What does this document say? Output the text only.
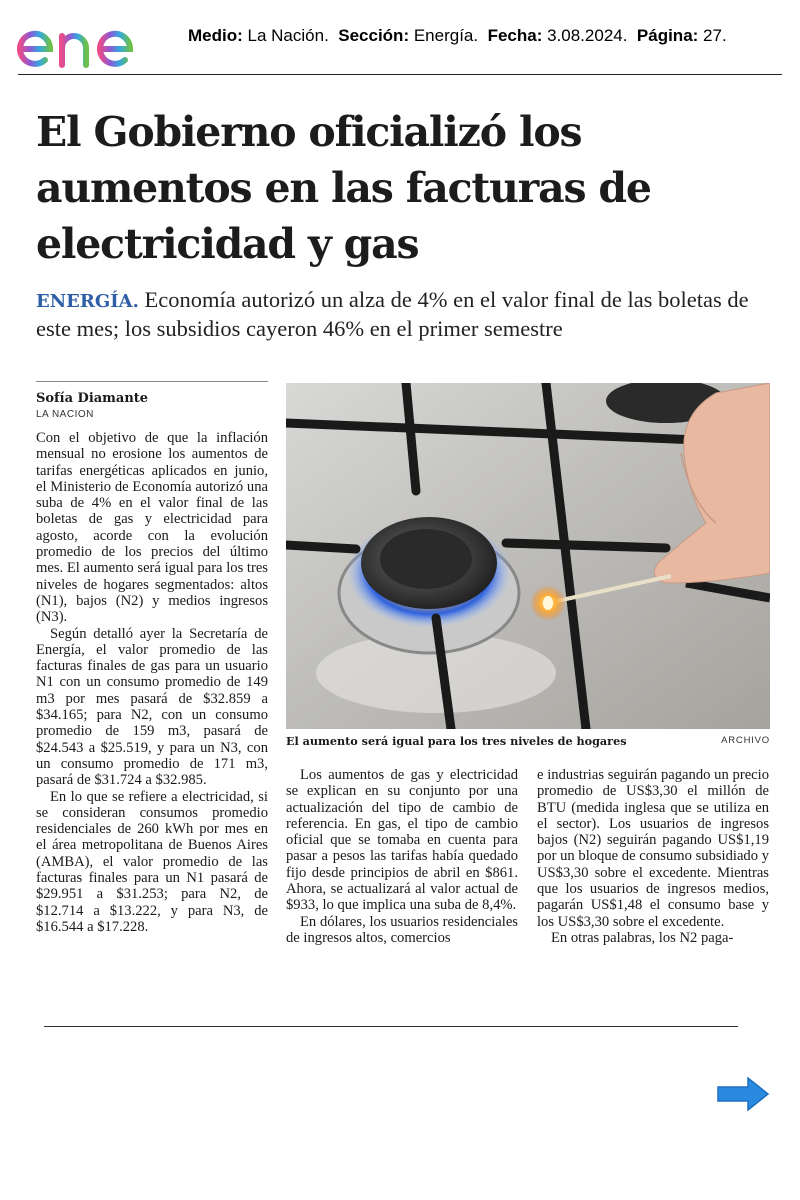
Medio: La Nación. Sección: Energía. Fecha: 3.08.2024. Página: 27.
El Gobierno oficializó los aumentos en las facturas de electricidad y gas
ENERGÍA. Economía autorizó un alza de 4% en el valor final de las boletas de este mes; los subsidios cayeron 46% en el primer semestre
Sofía Diamante
LA NACION

Con el objetivo de que la inflación mensual no erosione los aumentos de tarifas energéticas aplicados en junio, el Ministerio de Economía autorizó una suba de 4% en el valor final de las boletas de gas y electricidad para agosto, acorde con la evolución promedio de los precios del último mes. El aumento será igual para los tres niveles de hogares segmentados: altos (N1), bajos (N2) y medios ingresos (N3).

Según detalló ayer la Secretaría de Energía, el valor promedio de las facturas finales de gas para un usuario N1 con un consumo promedio de 149 m3 por mes pasará de $32.859 a $34.165; para N2, con un consumo promedio de 159 m3, pasará de $24.543 a $25.519, y para un N3, con un consumo promedio de 171 m3, pasará de $31.724 a $32.985.

En lo que se refiere a electricidad, si se consideran consumos promedio residenciales de 260 kWh por mes en el área metropolitana de Buenos Aires (AMBA), el valor promedio de las facturas finales para un N1 pasará de $29.951 a $31.253; para N2, de $12.714 a $13.222, y para N3, de $16.544 a $17.228.

El aumento será igual para los tres niveles de hogares	ARCHIVO

Los aumentos de gas y electricidad se explican en su conjunto por una actualización del tipo de cambio de referencia. En gas, el tipo de cambio oficial que se tomaba en cuenta para pasar a pesos las tarifas había quedado fijo desde principios de abril en $861. Ahora, se actualizará al valor actual de $933, lo que implica una suba de 8,4%.

En dólares, los usuarios residenciales de ingresos altos, comercios

e industrias seguirán pagando un precio promedio de US$3,30 el millón de BTU (medida inglesa que se utiliza en el sector). Los usuarios de ingresos bajos (N2) seguirán pagando US$1,19 por un bloque de consumo subsidiado y US$3,30 sobre el excedente. Mientras que los usuarios de ingresos medios, pagarán US$1,48 el consumo base y los US$3,30 sobre el excedente.

En otras palabras, los N2 paga-
